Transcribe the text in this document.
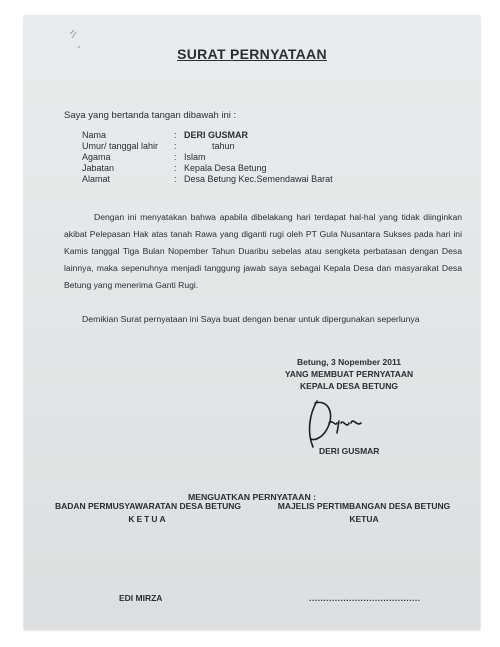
SURAT PERNYATAAN
Saya yang bertanda tangan dibawah ini :
Nama	: DERI GUSMAR
Umur/ tanggal lahir	:	tahun
Agama	: Islam
Jabatan	: Kepala Desa Betung
Alamat	: Desa Betung Kec.Semendawai Barat
Dengan ini menyatakan bahwa apabila dibelakang hari terdapat hal-hal yang tidak diinginkan akibat Pelepasan Hak atas tanah Rawa yang diganti rugi oleh PT Gula Nusantara Sukses pada hari ini Kamis tanggal Tiga Bulan Nopember Tahun Duaribu sebelas atau sengketa perbatasan dengan Desa lainnya, maka sepenuhnya menjadi tanggung jawab saya sebagai Kepala Desa dan masyarakat Desa Betung yang menerima Ganti Rugi.
Demikian Surat pernyataan ini Saya buat dengan benar untuk dipergunakan seperlunya
Betung, 3 Nopember 2011
YANG MEMBUAT PERNYATAAN
KEPALA DESA BETUNG
DERI GUSMAR
MENGUATKAN PERNYATAAN :
BADAN PERMUSYAWARATAN DESA BETUNG
KETUA
MAJELIS PERTIMBANGAN DESA BETUNG
KETUA
EDI MIRZA	.......................................
